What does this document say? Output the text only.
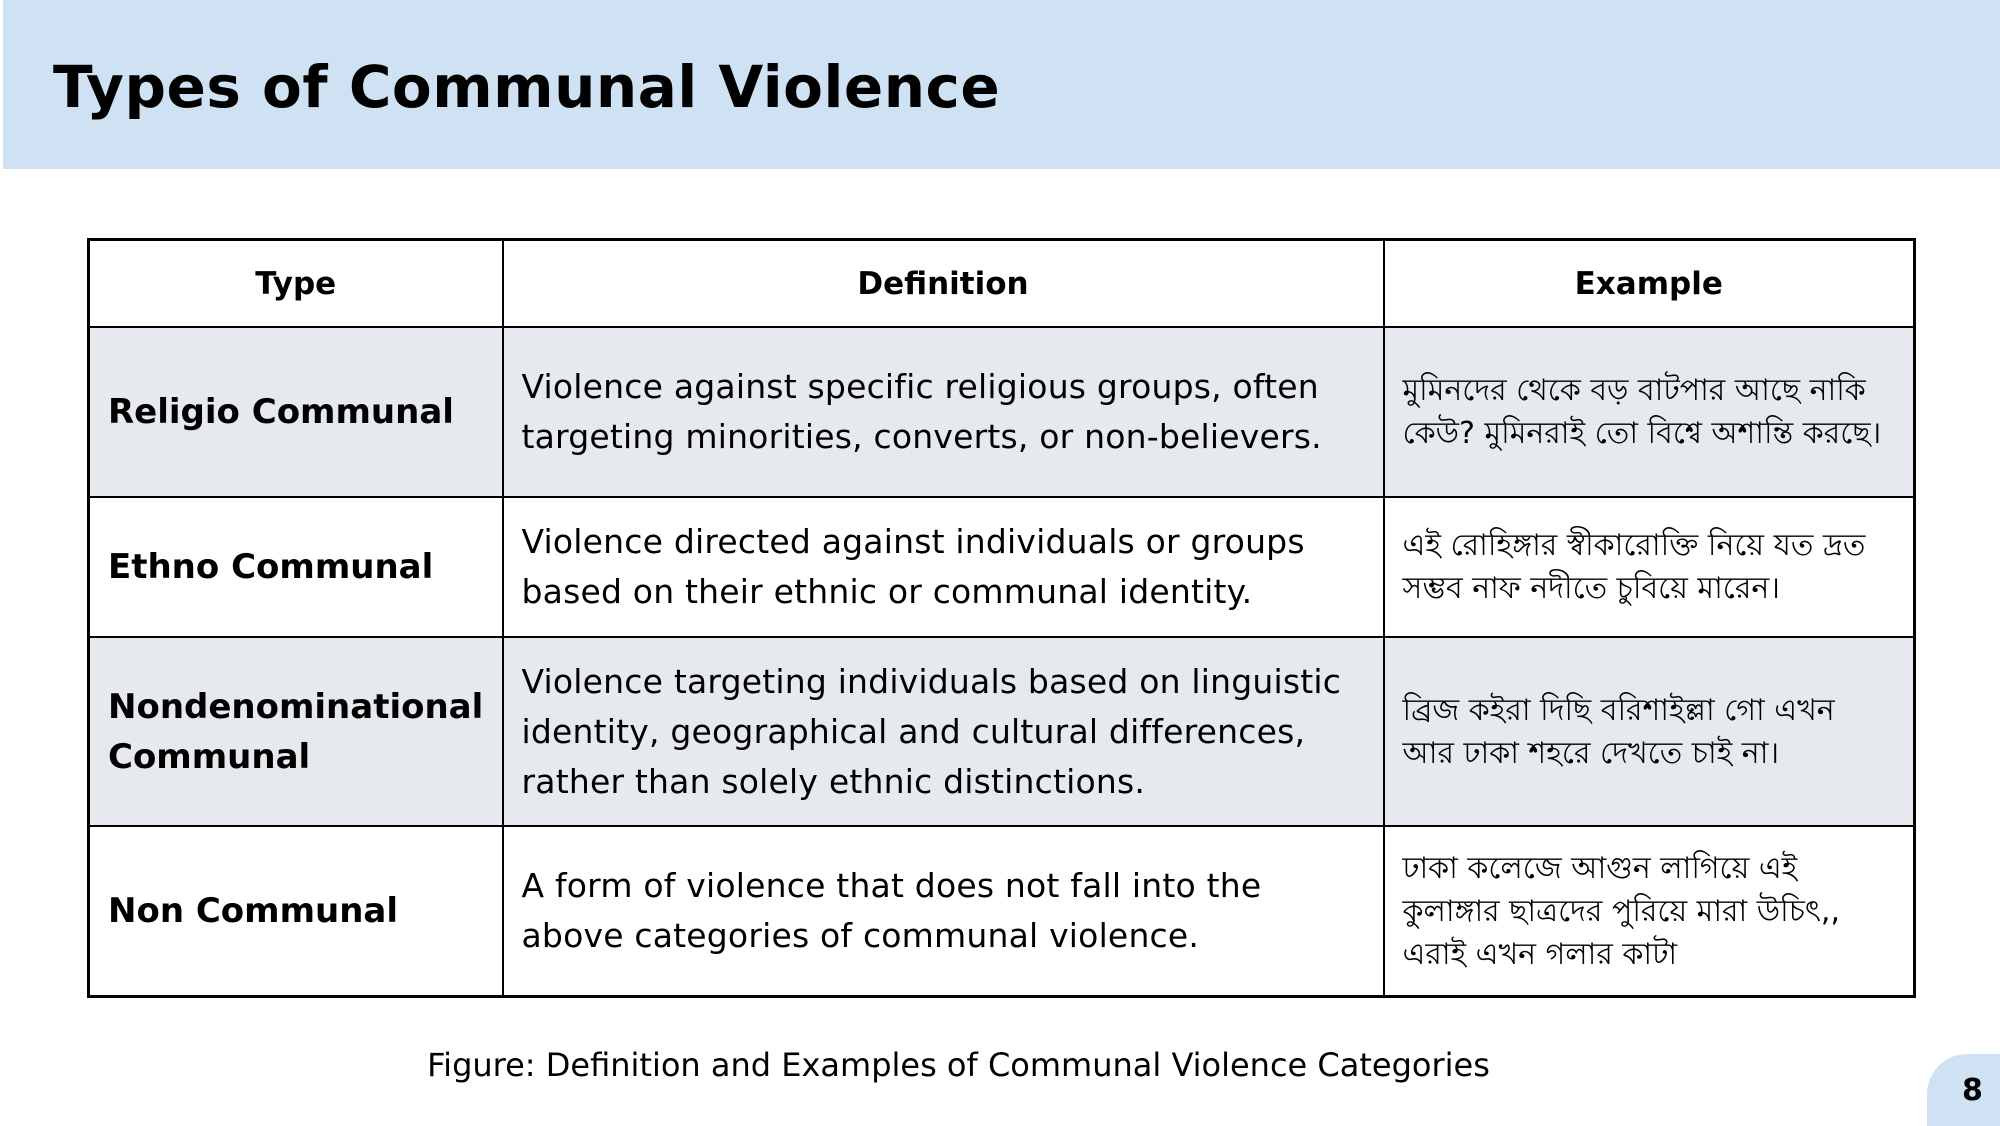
Types of Communal Violence
Type	Definition	Example
Religio Communal	Violence against specific religious groups, often targeting minorities, converts, or non-believers.	মুমিনদের থেকে বড় বাটপার আছে নাকি কেউ? মুমিনরাই তো বিশ্বে অশান্তি করছে।
Ethno Communal	Violence directed against individuals or groups based on their ethnic or communal identity.	এই রোহিঙ্গার স্বীকারোক্তি নিয়ে যত দ্রত সম্ভব নাফ নদীতে চুবিয়ে মারেন।
Nondenominational Communal	Violence targeting individuals based on linguistic identity, geographical and cultural differences, rather than solely ethnic distinctions.	ব্রিজ কইরা দিছি বরিশাইল্লা গো এখন আর ঢাকা শহরে দেখতে চাই না।
Non Communal	A form of violence that does not fall into the above categories of communal violence.	ঢাকা কলেজে আগুন লাগিয়ে এই কুলাঙ্গার ছাত্রদের পুরিয়ে মারা উচিৎ,, এরাই এখন গলার কাটা
Figure: Definition and Examples of Communal Violence Categories
8
